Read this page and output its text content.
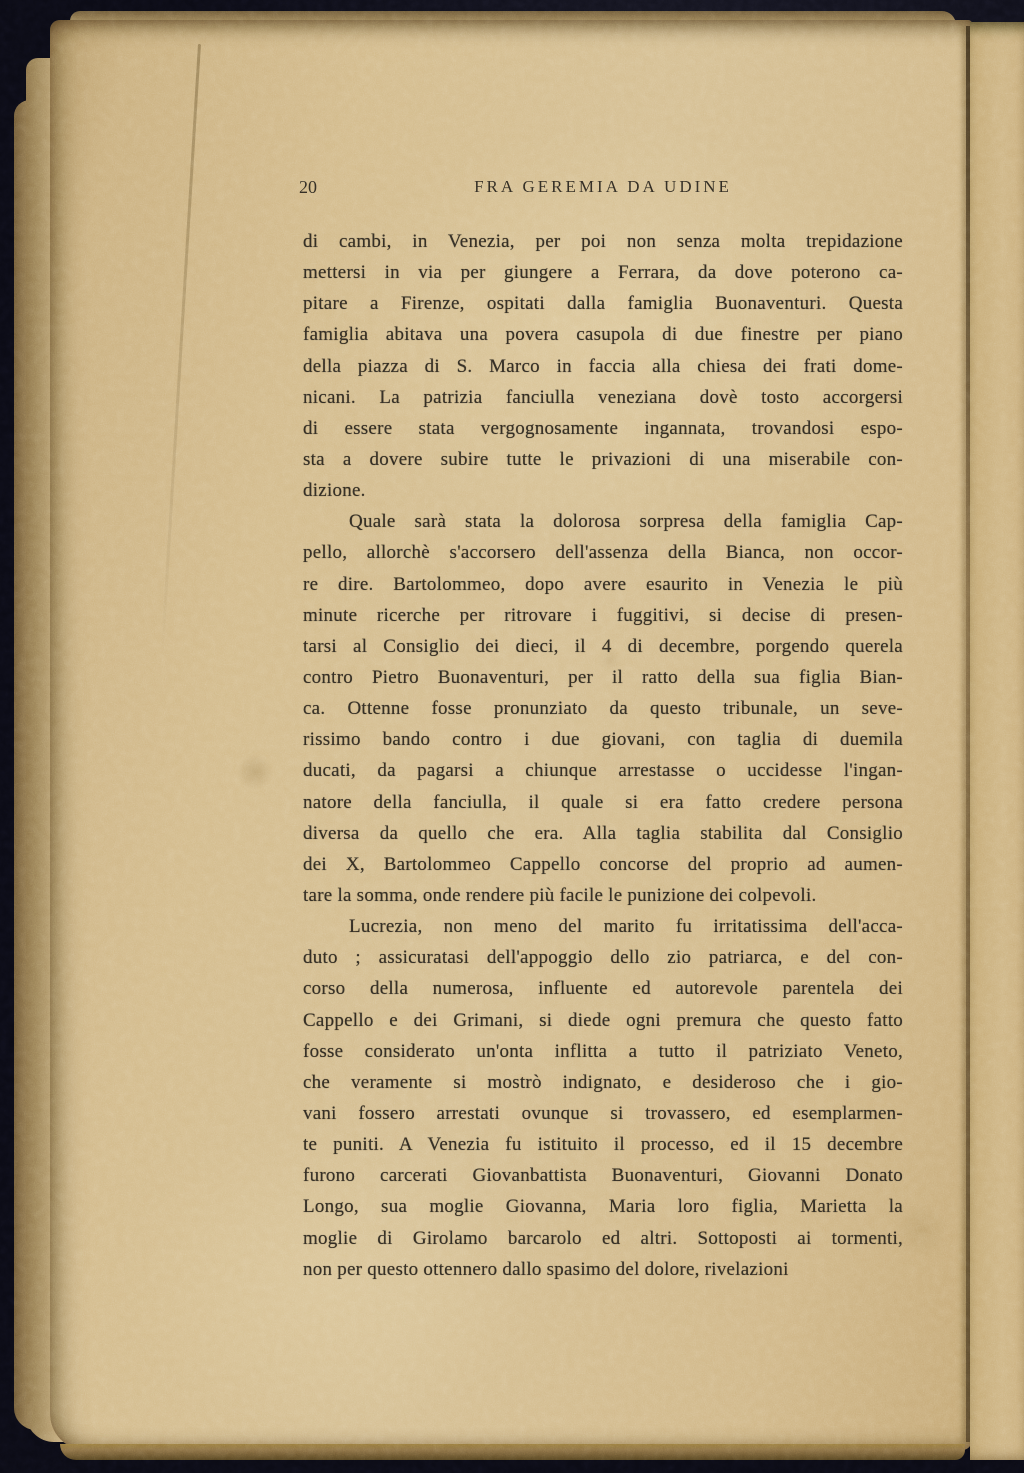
20	FRA GEREMIA DA UDINE
di cambi, in Venezia, per poi non senza molta trepidazione
mettersi in via per giungere a Ferrara, da dove poterono ca-
pitare a Firenze, ospitati dalla famiglia Buonaventuri. Questa
famiglia abitava una povera casupola di due finestre per piano
della piazza di S. Marco in faccia alla chiesa dei frati dome-
nicani. La patrizia fanciulla veneziana dovè tosto accorgersi
di essere stata vergognosamente ingannata, trovandosi espo-
sta a dovere subire tutte le privazioni di una miserabile con-
dizione.
Quale sarà stata la dolorosa sorpresa della famiglia Cap-
pello, allorchè s'accorsero dell'assenza della Bianca, non occor-
re dire. Bartolommeo, dopo avere esaurito in Venezia le più
minute ricerche per ritrovare i fuggitivi, si decise di presen-
tarsi al Consiglio dei dieci, il 4 di decembre, porgendo querela
contro Pietro Buonaventuri, per il ratto della sua figlia Bian-
ca. Ottenne fosse pronunziato da questo tribunale, un seve-
rissimo bando contro i due giovani, con taglia di duemila
ducati, da pagarsi a chiunque arrestasse o uccidesse l'ingan-
natore della fanciulla, il quale si era fatto credere persona
diversa da quello che era. Alla taglia stabilita dal Consiglio
dei X, Bartolommeo Cappello concorse del proprio ad aumen-
tare la somma, onde rendere più facile le punizione dei colpevoli.
Lucrezia, non meno del marito fu irritatissima dell'acca-
duto ; assicuratasi dell'appoggio dello zio patriarca, e del con-
corso della numerosa, influente ed autorevole parentela dei
Cappello e dei Grimani, si diede ogni premura che questo fatto
fosse considerato un'onta inflitta a tutto il patriziato Veneto,
che veramente si mostrò indignato, e desideroso che i gio-
vani fossero arrestati ovunque si trovassero, ed esemplarmen-
te puniti. A Venezia fu istituito il processo, ed il 15 decembre
furono carcerati Giovanbattista Buonaventuri, Giovanni Donato
Longo, sua moglie Giovanna, Maria loro figlia, Marietta la
moglie di Girolamo barcarolo ed altri. Sottoposti ai tormenti,
non per questo ottennero dallo spasimo del dolore, rivelazioni
